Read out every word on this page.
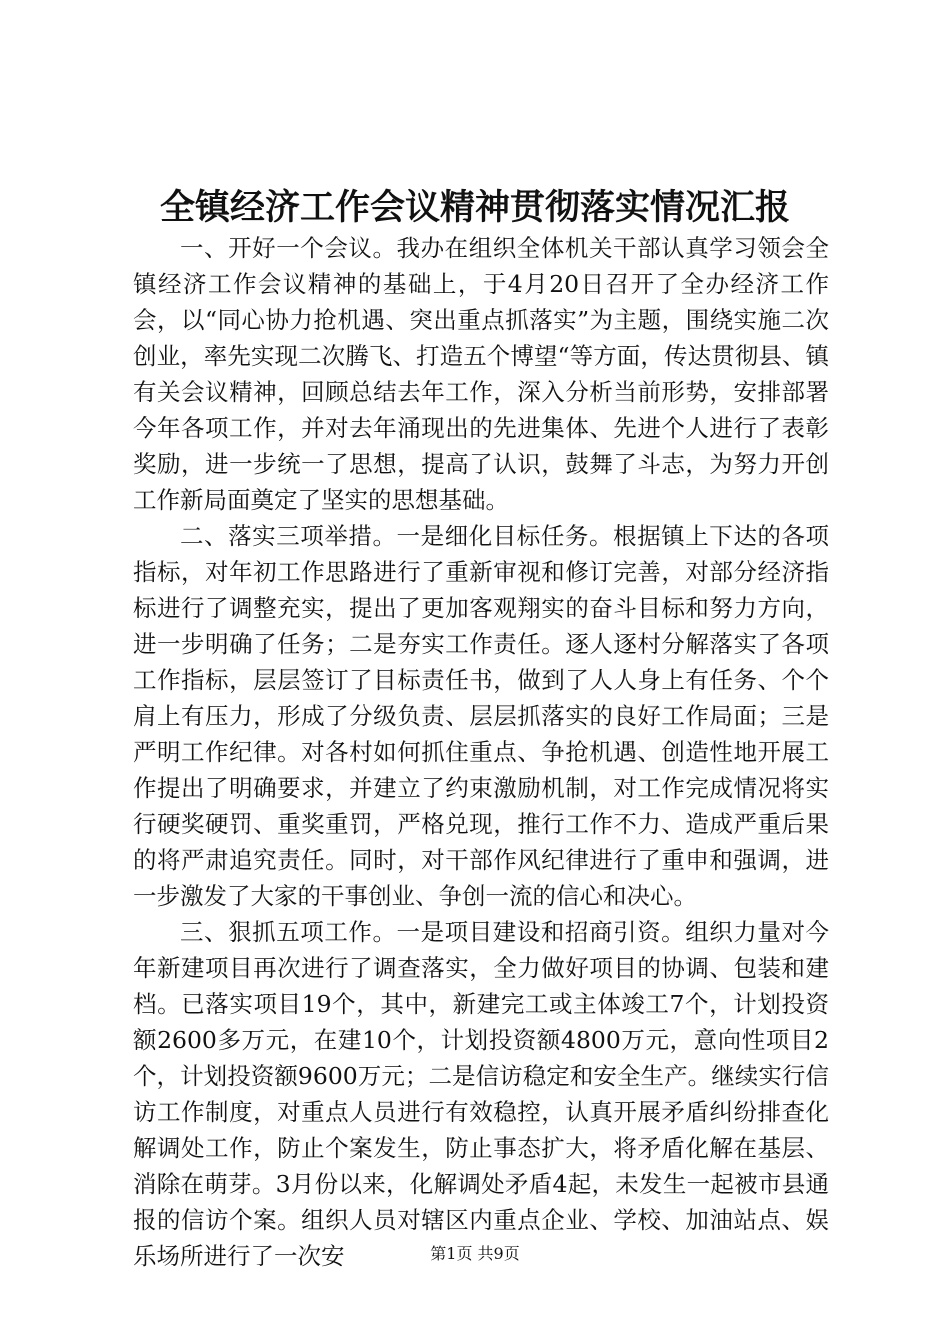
全镇经济工作会议精神贯彻落实情况汇报

一、开好一个会议。我办在组织全体机关干部认真学习领会全镇经济工作会议精神的基础上，于4月20日召开了全办经济工作会，以“同心协力抢机遇、突出重点抓落实”为主题，围绕实施二次创业，率先实现二次腾飞、打造五个博望“等方面，传达贯彻县、镇有关会议精神，回顾总结去年工作，深入分析当前形势，安排部署今年各项工作，并对去年涌现出的先进集体、先进个人进行了表彰奖励，进一步统一了思想，提高了认识，鼓舞了斗志，为努力开创工作新局面奠定了坚实的思想基础。

二、落实三项举措。一是细化目标任务。根据镇上下达的各项指标，对年初工作思路进行了重新审视和修订完善，对部分经济指标进行了调整充实，提出了更加客观翔实的奋斗目标和努力方向，进一步明确了任务；二是夯实工作责任。逐人逐村分解落实了各项工作指标，层层签订了目标责任书，做到了人人身上有任务、个个肩上有压力，形成了分级负责、层层抓落实的良好工作局面；三是严明工作纪律。对各村如何抓住重点、争抢机遇、创造性地开展工作提出了明确要求，并建立了约束激励机制，对工作完成情况将实行硬奖硬罚、重奖重罚，严格兑现，推行工作不力、造成严重后果的将严肃追究责任。同时，对干部作风纪律进行了重申和强调，进一步激发了大家的干事创业、争创一流的信心和决心。

三、狠抓五项工作。一是项目建设和招商引资。组织力量对今年新建项目再次进行了调查落实，全力做好项目的协调、包装和建档。已落实项目19个，其中，新建完工或主体竣工7个，计划投资额2600多万元，在建10个，计划投资额4800万元，意向性项目2个，计划投资额9600万元；二是信访稳定和安全生产。继续实行信访工作制度，对重点人员进行有效稳控，认真开展矛盾纠纷排查化解调处工作，防止个案发生，防止事态扩大，将矛盾化解在基层、消除在萌芽。3月份以来，化解调处矛盾4起，未发生一起被市县通报的信访个案。组织人员对辖区内重点企业、学校、加油站点、娱乐场所进行了一次安	第1页 共9页
